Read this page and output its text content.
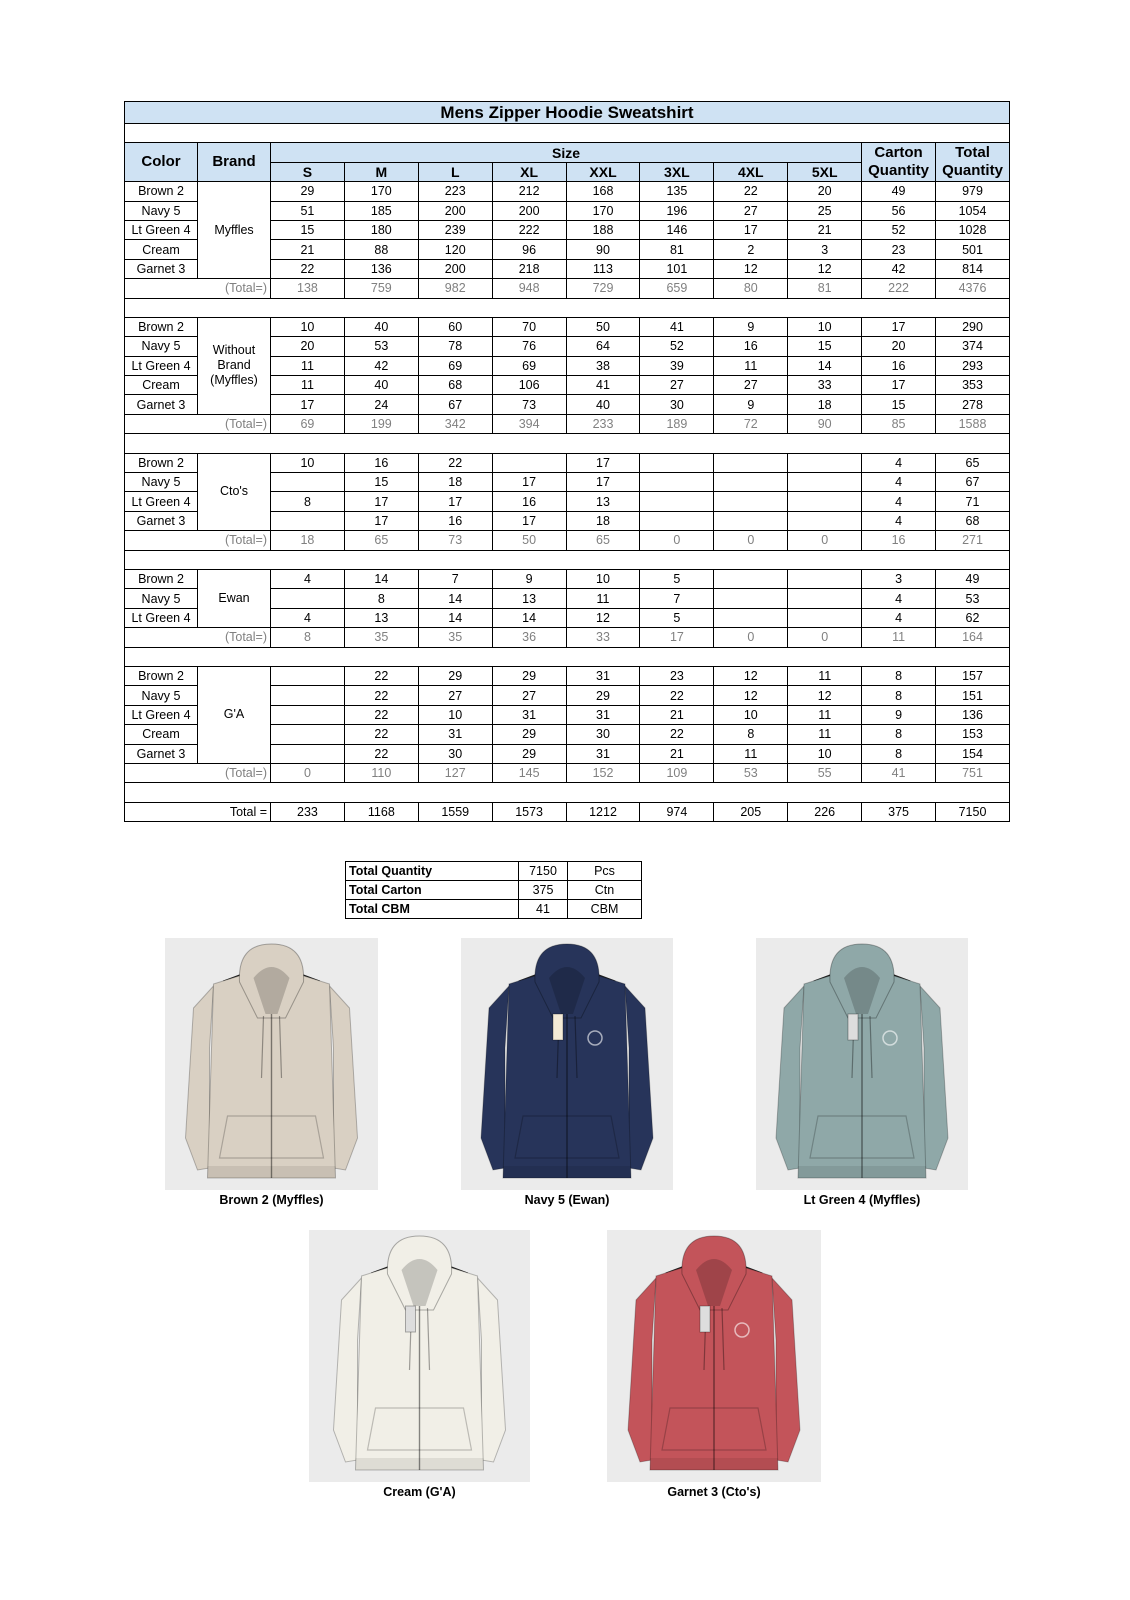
Mens Zipper Hoodie Sweatshirt											

Color	Brand	Size								Carton Quantity	Total Quantity
		S	M	L	XL	XXL	3XL	4XL	5XL		
Brown 2	Myffles	29	170	223	212	168	135	22	20	49	979
Navy 5		51	185	200	200	170	196	27	25	56	1054
Lt Green 4		15	180	239	222	188	146	17	21	52	1028
Cream		21	88	120	96	90	81	2	3	23	501
Garnet 3		22	136	200	218	113	101	12	12	42	814
	(Total=)	138	759	982	948	729	659	80	81	222	4376

Brown 2	Without Brand (Myffles)	10	40	60	70	50	41	9	10	17	290
Navy 5		20	53	78	76	64	52	16	15	20	374
Lt Green 4		11	42	69	69	38	39	11	14	16	293
Cream		11	40	68	106	41	27	27	33	17	353
Garnet 3		17	24	67	73	40	30	9	18	15	278
	(Total=)	69	199	342	394	233	189	72	90	85	1588

Brown 2	Cto's	10	16	22		17				4	65
Navy 5			15	18	17	17				4	67
Lt Green 4		8	17	17	16	13				4	71
Garnet 3			17	16	17	18				4	68
	(Total=)	18	65	73	50	65	0	0	0	16	271

Brown 2	Ewan	4	14	7	9	10	5			3	49
Navy 5			8	14	13	11	7			4	53
Lt Green 4		4	13	14	14	12	5			4	62
	(Total=)	8	35	35	36	33	17	0	0	11	164

Brown 2	G'A		22	29	29	31	23	12	11	8	157
Navy 5			22	27	27	29	22	12	12	8	151
Lt Green 4			22	10	31	31	21	10	11	9	136
Cream			22	31	29	30	22	8	11	8	153
Garnet 3			22	30	29	31	21	11	10	8	154
	(Total=)	0	110	127	145	152	109	53	55	41	751

	Total =	233	1168	1559	1573	1212	974	205	226	375	7150
Total Quantity	7150	Pcs
Total Carton	375	Ctn
Total CBM	41	CBM
Brown 2 (Myffles)	Navy 5 (Ewan)	Lt Green 4 (Myffles)
Cream (G'A)	Garnet 3 (Cto's)
